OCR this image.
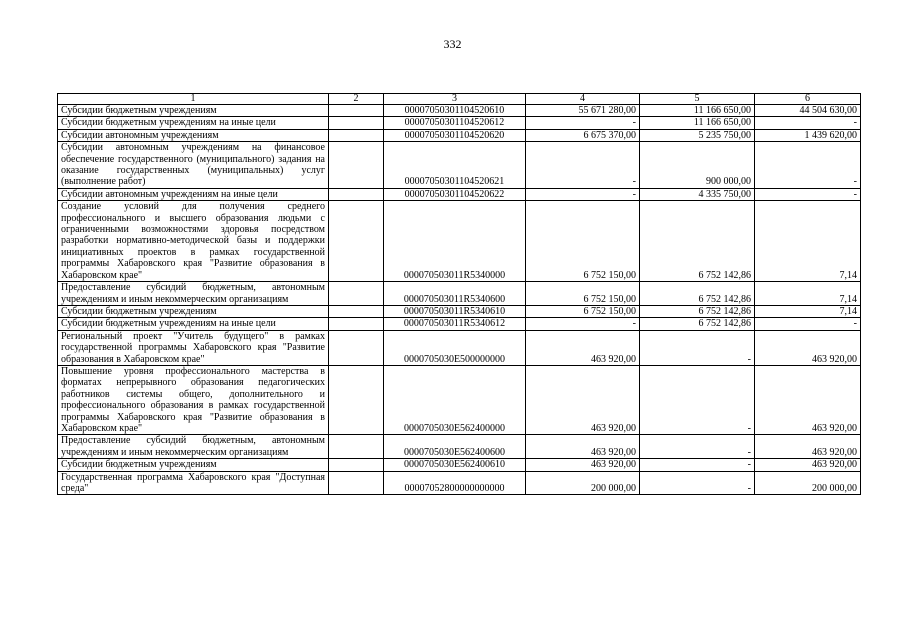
332
1	2	3	4	5	6
Субсидии бюджетным учреждениям		00007050301104520610	55 671 280,00	11 166 650,00	44 504 630,00
Субсидии бюджетным учреждениям на иные цели		00007050301104520612	-	11 166 650,00	-
Субсидии автономным учреждениям		00007050301104520620	6 675 370,00	5 235 750,00	1 439 620,00
Субсидии автономным учреждениям на финансовое обеспечение государственного (муниципального) задания на оказание государственных (муниципальных) услуг (выполнение работ)		00007050301104520621	-	900 000,00	-
Субсидии автономным учреждениям на иные цели		00007050301104520622	-	4 335 750,00	-
Создание условий для получения среднего профессионального и высшего образования людьми с ограниченными возможностями здоровья посредством разработки нормативно-методической базы и поддержки инициативных проектов в рамках государственной программы Хабаровского края "Развитие образования в Хабаровском крае"		000070503011R5340000	6 752 150,00	6 752 142,86	7,14
Предоставление субсидий бюджетным, автономным учреждениям и иным некоммерческим организациям		000070503011R5340600	6 752 150,00	6 752 142,86	7,14
Субсидии бюджетным учреждениям		000070503011R5340610	6 752 150,00	6 752 142,86	7,14
Субсидии бюджетным учреждениям на иные цели		000070503011R5340612	-	6 752 142,86	-
Региональный проект "Учитель будущего" в рамках государственной программы Хабаровского края "Развитие образования в Хабаровском крае"		0000705030E500000000	463 920,00	-	463 920,00
Повышение уровня профессионального мастерства в форматах непрерывного образования педагогических работников системы общего, дополнительного и профессионального образования в рамках государственной программы Хабаровского края "Развитие образования в Хабаровском крае"		0000705030E562400000	463 920,00	-	463 920,00
Предоставление субсидий бюджетным, автономным учреждениям и иным некоммерческим организациям		0000705030E562400600	463 920,00	-	463 920,00
Субсидии бюджетным учреждениям		0000705030E562400610	463 920,00	-	463 920,00
Государственная программа Хабаровского края "Доступная среда"		00007052800000000000	200 000,00	-	200 000,00
